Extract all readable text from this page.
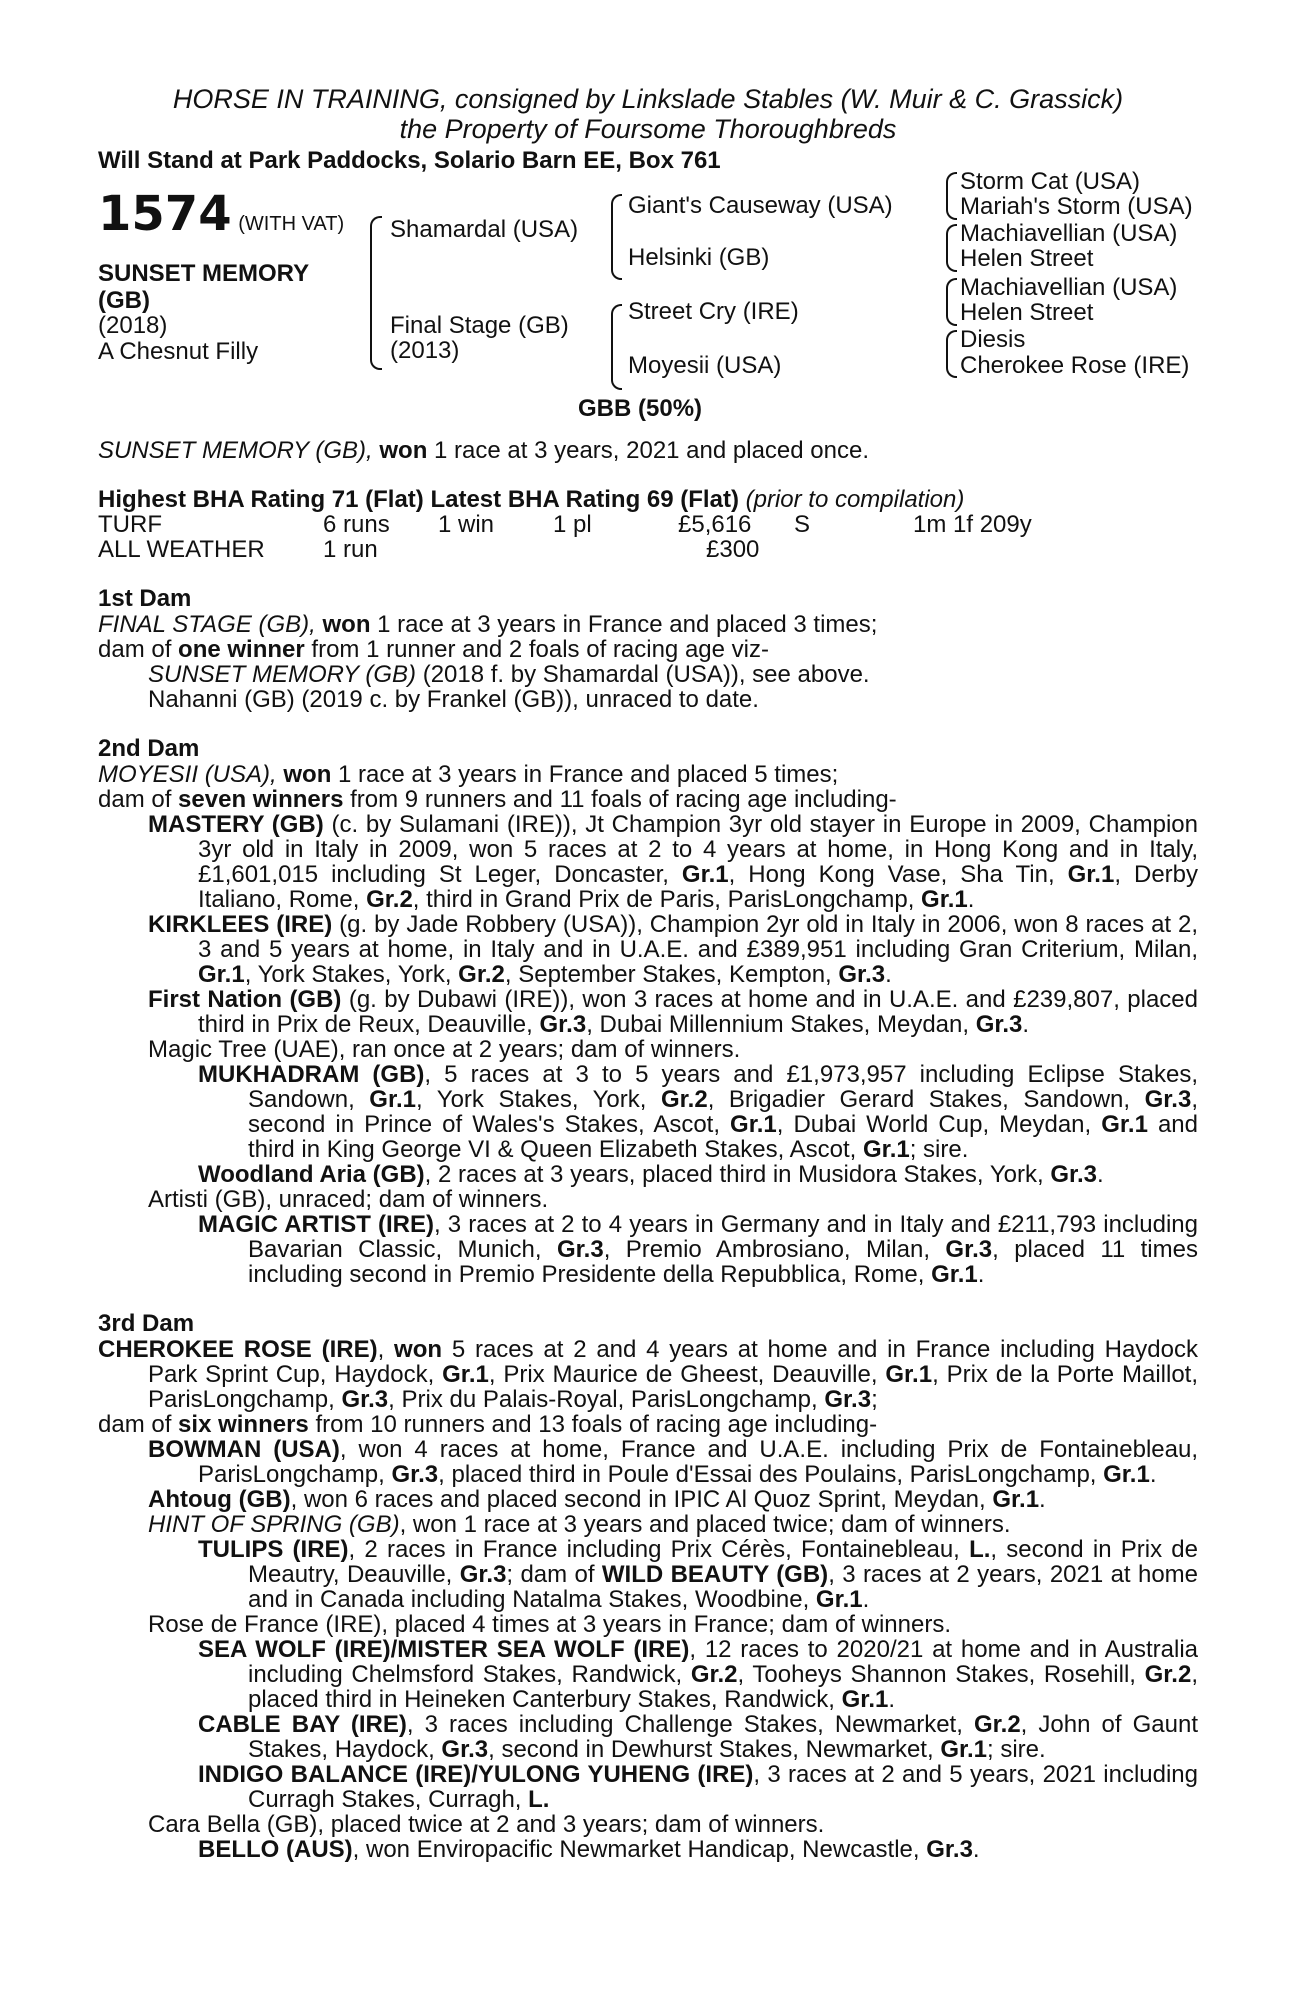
HORSE IN TRAINING, consigned by Linkslade Stables (W. Muir & C. Grassick)
the Property of Foursome Thoroughbreds
Will Stand at Park Paddocks, Solario Barn EE, Box 761
1574 (WITH VAT)
SUNSET MEMORY
(GB)
(2018)
A Chesnut Filly
Shamardal (USA)
Final Stage (GB)
(2013)
Giant's Causeway (USA)
Helsinki (GB)
Street Cry (IRE)
Moyesii (USA)
Storm Cat (USA)
Mariah's Storm (USA)
Machiavellian (USA)
Helen Street
Machiavellian (USA)
Helen Street
Diesis
Cherokee Rose (IRE)
GBB (50%)
SUNSET MEMORY (GB), won 1 race at 3 years, 2021 and placed once.
Highest BHA Rating 71 (Flat) Latest BHA Rating 69 (Flat) (prior to compilation)
TURF	6 runs 1 win 1 pl	£5,616 S	1m 1f 209y
ALL WEATHER 1 run	£300
1st Dam
FINAL STAGE (GB), won 1 race at 3 years in France and placed 3 times;
dam of one winner from 1 runner and 2 foals of racing age viz-
SUNSET MEMORY (GB) (2018 f. by Shamardal (USA)), see above.
Nahanni (GB) (2019 c. by Frankel (GB)), unraced to date.
2nd Dam
MOYESII (USA), won 1 race at 3 years in France and placed 5 times;
dam of seven winners from 9 runners and 11 foals of racing age including-
MASTERY (GB) (c. by Sulamani (IRE)), Jt Champion 3yr old stayer in Europe in 2009, Champion 3yr old in Italy in 2009, won 5 races at 2 to 4 years at home, in Hong Kong and in Italy, £1,601,015 including St Leger, Doncaster, Gr.1, Hong Kong Vase, Sha Tin, Gr.1, Derby Italiano, Rome, Gr.2, third in Grand Prix de Paris, ParisLongchamp, Gr.1.
KIRKLEES (IRE) (g. by Jade Robbery (USA)), Champion 2yr old in Italy in 2006, won 8 races at 2, 3 and 5 years at home, in Italy and in U.A.E. and £389,951 including Gran Criterium, Milan, Gr.1, York Stakes, York, Gr.2, September Stakes, Kempton, Gr.3.
First Nation (GB) (g. by Dubawi (IRE)), won 3 races at home and in U.A.E. and £239,807, placed third in Prix de Reux, Deauville, Gr.3, Dubai Millennium Stakes, Meydan, Gr.3.
Magic Tree (UAE), ran once at 2 years; dam of winners.
MUKHADRAM (GB), 5 races at 3 to 5 years and £1,973,957 including Eclipse Stakes, Sandown, Gr.1, York Stakes, York, Gr.2, Brigadier Gerard Stakes, Sandown, Gr.3, second in Prince of Wales's Stakes, Ascot, Gr.1, Dubai World Cup, Meydan, Gr.1 and third in King George VI & Queen Elizabeth Stakes, Ascot, Gr.1; sire.
Woodland Aria (GB), 2 races at 3 years, placed third in Musidora Stakes, York, Gr.3.
Artisti (GB), unraced; dam of winners.
MAGIC ARTIST (IRE), 3 races at 2 to 4 years in Germany and in Italy and £211,793 including Bavarian Classic, Munich, Gr.3, Premio Ambrosiano, Milan, Gr.3, placed 11 times including second in Premio Presidente della Repubblica, Rome, Gr.1.
3rd Dam
CHEROKEE ROSE (IRE), won 5 races at 2 and 4 years at home and in France including Haydock Park Sprint Cup, Haydock, Gr.1, Prix Maurice de Gheest, Deauville, Gr.1, Prix de la Porte Maillot, ParisLongchamp, Gr.3, Prix du Palais-Royal, ParisLongchamp, Gr.3;
dam of six winners from 10 runners and 13 foals of racing age including-
BOWMAN (USA), won 4 races at home, France and U.A.E. including Prix de Fontainebleau, ParisLongchamp, Gr.3, placed third in Poule d'Essai des Poulains, ParisLongchamp, Gr.1.
Ahtoug (GB), won 6 races and placed second in IPIC Al Quoz Sprint, Meydan, Gr.1.
HINT OF SPRING (GB), won 1 race at 3 years and placed twice; dam of winners.
TULIPS (IRE), 2 races in France including Prix Cérès, Fontainebleau, L., second in Prix de Meautry, Deauville, Gr.3; dam of WILD BEAUTY (GB), 3 races at 2 years, 2021 at home and in Canada including Natalma Stakes, Woodbine, Gr.1.
Rose de France (IRE), placed 4 times at 3 years in France; dam of winners.
SEA WOLF (IRE)/MISTER SEA WOLF (IRE), 12 races to 2020/21 at home and in Australia including Chelmsford Stakes, Randwick, Gr.2, Tooheys Shannon Stakes, Rosehill, Gr.2, placed third in Heineken Canterbury Stakes, Randwick, Gr.1.
CABLE BAY (IRE), 3 races including Challenge Stakes, Newmarket, Gr.2, John of Gaunt Stakes, Haydock, Gr.3, second in Dewhurst Stakes, Newmarket, Gr.1; sire.
INDIGO BALANCE (IRE)/YULONG YUHENG (IRE), 3 races at 2 and 5 years, 2021 including Curragh Stakes, Curragh, L.
Cara Bella (GB), placed twice at 2 and 3 years; dam of winners.
BELLO (AUS), won Enviropacific Newmarket Handicap, Newcastle, Gr.3.
